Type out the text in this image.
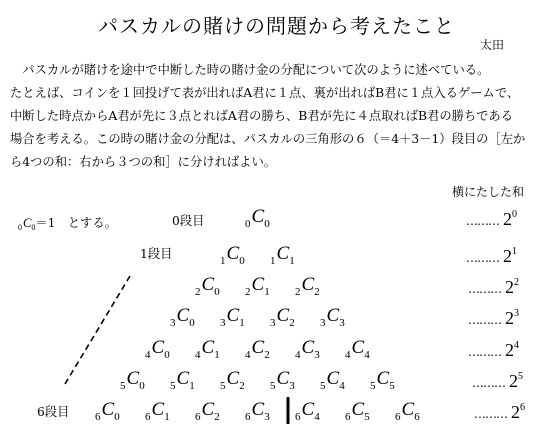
パスカルの賭けの問題から考えたこと
太田
　パスカルが賭けを途中で中断した時の賭け金の分配について次のように述べている。
たとえば、コインを１回投げて表が出ればA君に１点、裏が出ればB君に１点入るゲームで、
中断した時点からA君が先に３点とればA君の勝ち、B君が先に４点取ればB君の勝ちである
場合を考える。この時の賭け金の分配は、パスカルの三角形の６（＝4＋3－1）段目の［左か
ら4つの和：右から３つの和］に分ければよい。
横にたした和
$_0C_0=1$　とする。	$_0C_0$
$_1C_0$ $_1C_1$
$_2C_0$ $_2C_1$ $_2C_2$
$_3C_0$ $_3C_1$ $_3C_2$ $_3C_3$
$_4C_0$ $_4C_1$ $_4C_2$ $_4C_3$ $_4C_4$
$_5C_0$ $_5C_1$ $_5C_2$ $_5C_3$ $_5C_4$ $_5C_5$
$_6C_0$ $_6C_1$ $_6C_2$ $_6C_3$ $_6C_4$ $_6C_5$ $_6C_6$
0段目
1段目
6段目
……… $2^0$
……… $2^1$
……… $2^2$
……… $2^3$
……… $2^4$
……… $2^5$
……… $2^6$
